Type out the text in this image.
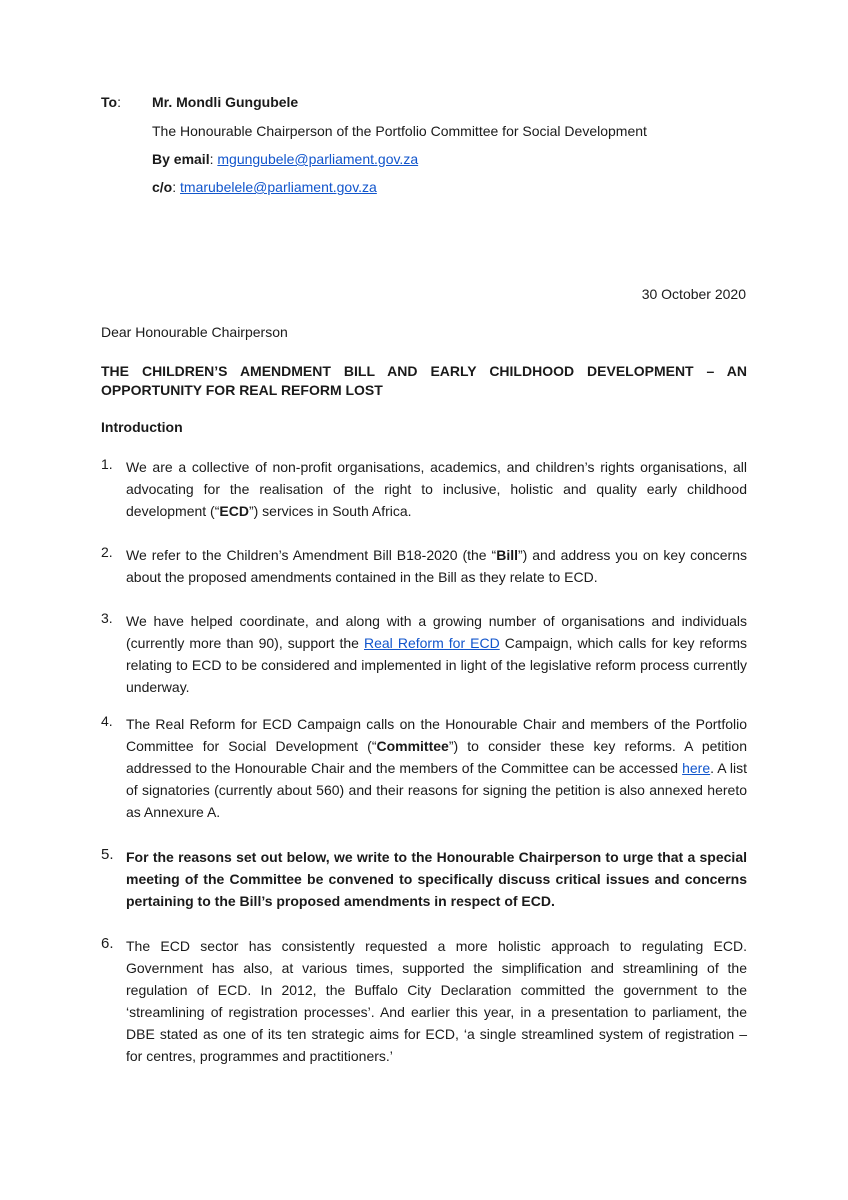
To: Mr. Mondli Gungubele
The Honourable Chairperson of the Portfolio Committee for Social Development
By email: mgungubele@parliament.gov.za
c/o: tmarubelele@parliament.gov.za
30 October 2020
Dear Honourable Chairperson
THE CHILDREN’S AMENDMENT BILL AND EARLY CHILDHOOD DEVELOPMENT – AN OPPORTUNITY FOR REAL REFORM LOST
Introduction
1. We are a collective of non-profit organisations, academics, and children’s rights organisations, all advocating for the realisation of the right to inclusive, holistic and quality early childhood development (“ECD”) services in South Africa.
2. We refer to the Children’s Amendment Bill B18-2020 (the “Bill”) and address you on key concerns about the proposed amendments contained in the Bill as they relate to ECD.
3. We have helped coordinate, and along with a growing number of organisations and individuals (currently more than 90), support the Real Reform for ECD Campaign, which calls for key reforms relating to ECD to be considered and implemented in light of the legislative reform process currently underway.
4. The Real Reform for ECD Campaign calls on the Honourable Chair and members of the Portfolio Committee for Social Development (“Committee”) to consider these key reforms. A petition addressed to the Honourable Chair and the members of the Committee can be accessed here. A list of signatories (currently about 560) and their reasons for signing the petition is also annexed hereto as Annexure A.
5. For the reasons set out below, we write to the Honourable Chairperson to urge that a special meeting of the Committee be convened to specifically discuss critical issues and concerns pertaining to the Bill’s proposed amendments in respect of ECD.
6. The ECD sector has consistently requested a more holistic approach to regulating ECD. Government has also, at various times, supported the simplification and streamlining of the regulation of ECD. In 2012, the Buffalo City Declaration committed the government to the ‘streamlining of registration processes’. And earlier this year, in a presentation to parliament, the DBE stated as one of its ten strategic aims for ECD, ‘a single streamlined system of registration – for centres, programmes and practitioners.’
